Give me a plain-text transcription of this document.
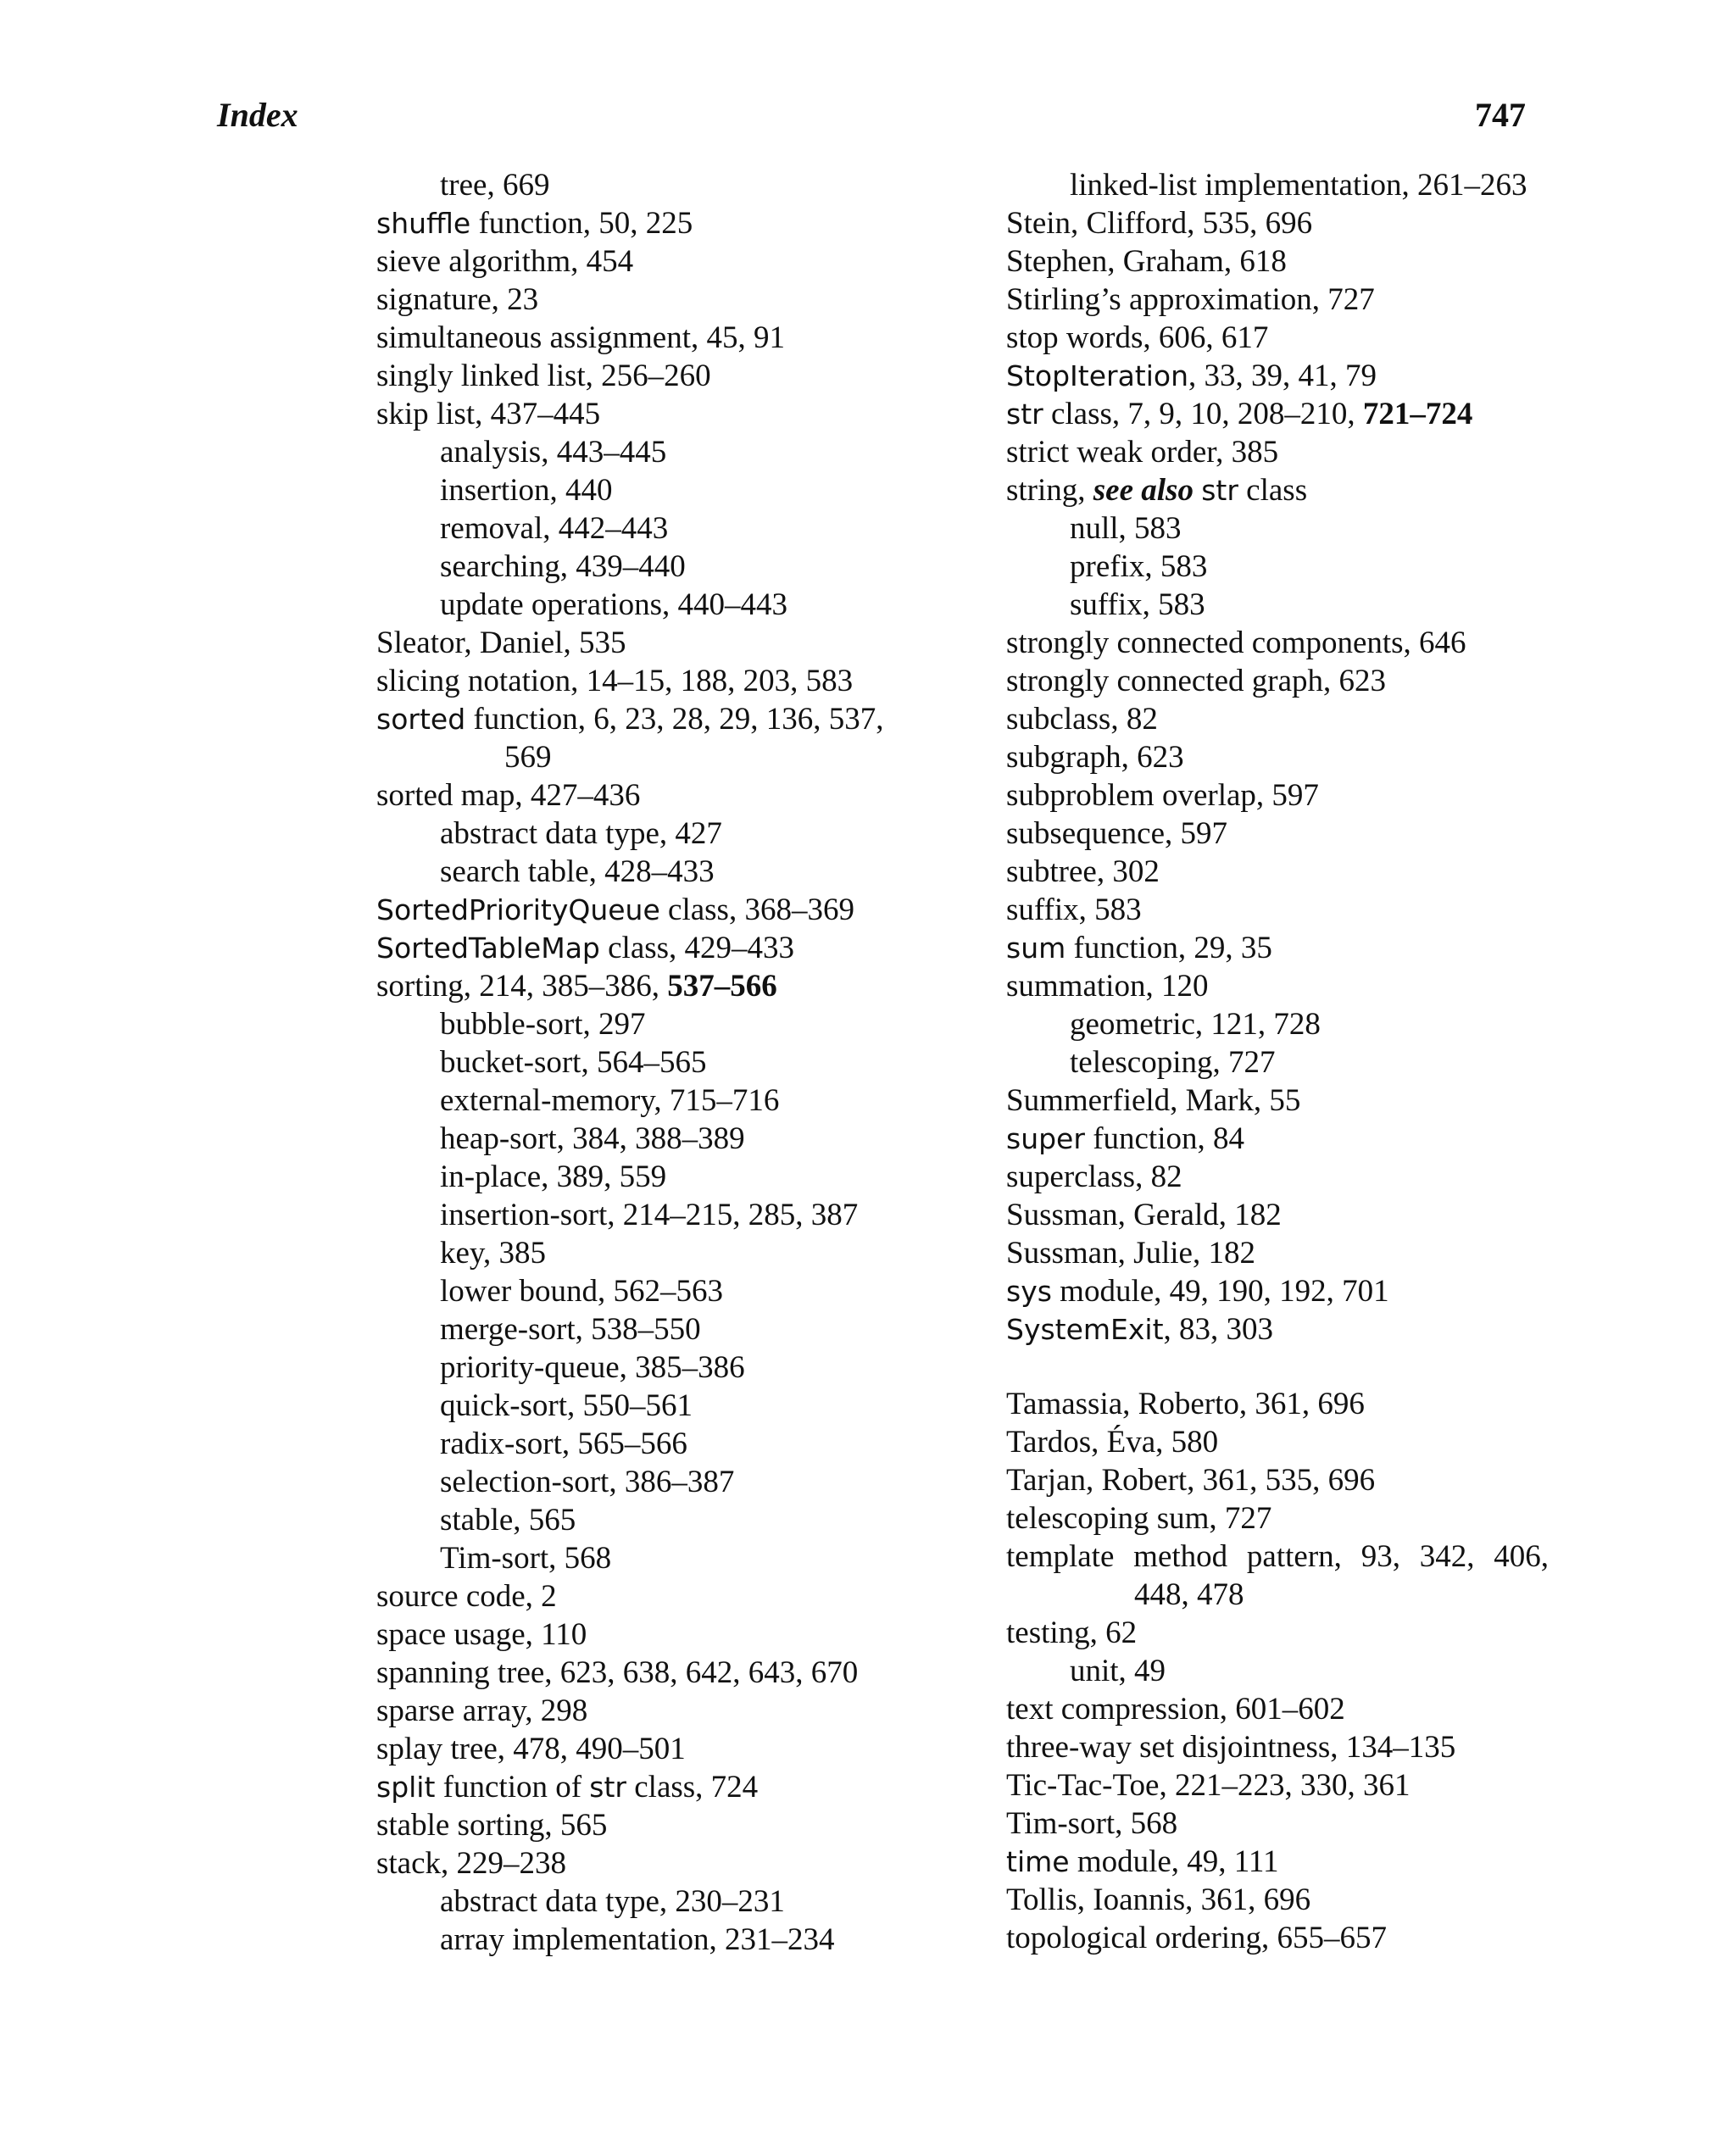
Index	747
tree, 669
shuffle function, 50, 225
sieve algorithm, 454
signature, 23
simultaneous assignment, 45, 91
singly linked list, 256–260
skip list, 437–445
analysis, 443–445
insertion, 440
removal, 442–443
searching, 439–440
update operations, 440–443
Sleator, Daniel, 535
slicing notation, 14–15, 188, 203, 583
sorted function, 6, 23, 28, 29, 136, 537, 569
sorted map, 427–436
abstract data type, 427
search table, 428–433
SortedPriorityQueue class, 368–369
SortedTableMap class, 429–433
sorting, 214, 385–386, 537–566
bubble-sort, 297
bucket-sort, 564–565
external-memory, 715–716
heap-sort, 384, 388–389
in-place, 389, 559
insertion-sort, 214–215, 285, 387
key, 385
lower bound, 562–563
merge-sort, 538–550
priority-queue, 385–386
quick-sort, 550–561
radix-sort, 565–566
selection-sort, 386–387
stable, 565
Tim-sort, 568
source code, 2
space usage, 110
spanning tree, 623, 638, 642, 643, 670
sparse array, 298
splay tree, 478, 490–501
split function of str class, 724
stable sorting, 565
stack, 229–238
abstract data type, 230–231
array implementation, 231–234
linked-list implementation, 261–263
Stein, Clifford, 535, 696
Stephen, Graham, 618
Stirling’s approximation, 727
stop words, 606, 617
StopIteration, 33, 39, 41, 79
str class, 7, 9, 10, 208–210, 721–724
strict weak order, 385
string, see also str class
null, 583
prefix, 583
suffix, 583
strongly connected components, 646
strongly connected graph, 623
subclass, 82
subgraph, 623
subproblem overlap, 597
subsequence, 597
subtree, 302
suffix, 583
sum function, 29, 35
summation, 120
geometric, 121, 728
telescoping, 727
Summerfield, Mark, 55
super function, 84
superclass, 82
Sussman, Gerald, 182
Sussman, Julie, 182
sys module, 49, 190, 192, 701
SystemExit, 83, 303
Tamassia, Roberto, 361, 696
Tardos, Éva, 580
Tarjan, Robert, 361, 535, 696
telescoping sum, 727
template method pattern, 93, 342, 406, 448, 478
testing, 62
unit, 49
text compression, 601–602
three-way set disjointness, 134–135
Tic-Tac-Toe, 221–223, 330, 361
Tim-sort, 568
time module, 49, 111
Tollis, Ioannis, 361, 696
topological ordering, 655–657
